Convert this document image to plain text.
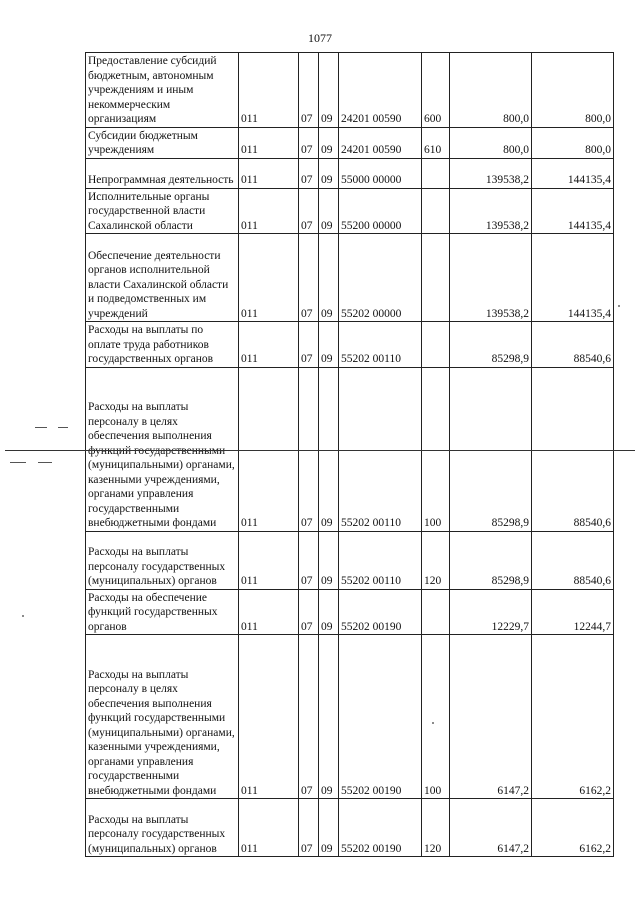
1077
Предоставление субсидий бюджетным, автономным учреждениям и иным некоммерческим организациям	011	07	09	24201 00590	600	800,0	800,0
Субсидии бюджетным учреждениям	011	07	09	24201 00590	610	800,0	800,0
Непрограммная деятельность	011	07	09	55000 00000		139538,2	144135,4
Исполнительные органы государственной власти Сахалинской области	011	07	09	55200 00000		139538,2	144135,4
Обеспечение деятельности органов исполнительной власти Сахалинской области и подведомственных им учреждений	011	07	09	55202 00000		139538,2	144135,4
Расходы на выплаты по оплате труда работников государственных органов	011	07	09	55202 00110		85298,9	88540,6
Расходы на выплаты персоналу в целях обеспечения выполнения функций государственными (муниципальными) органами, казенными учреждениями, органами управления государственными внебюджетными фондами	011	07	09	55202 00110	100	85298,9	88540,6
Расходы на выплаты персоналу государственных (муниципальных) органов	011	07	09	55202 00110	120	85298,9	88540,6
Расходы на обеспечение функций государственных органов	011	07	09	55202 00190		12229,7	12244,7
Расходы на выплаты персоналу в целях обеспечения выполнения функций государственными (муниципальными) органами, казенными учреждениями, органами управления государственными внебюджетными фондами	011	07	09	55202 00190	100	6147,2	6162,2
Расходы на выплаты персоналу государственных (муниципальных) органов	011	07	09	55202 00190	120	6147,2	6162,2
